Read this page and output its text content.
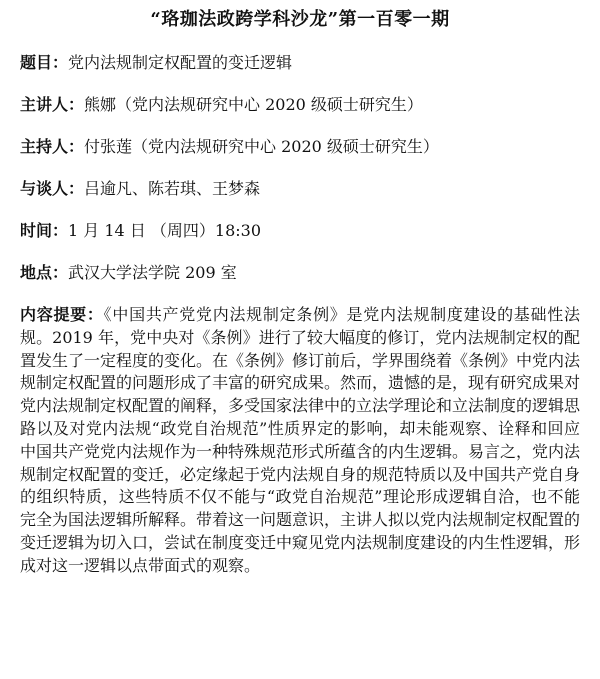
“珞珈法政跨学科沙龙”第一百零一期
题目：党内法规制定权配置的变迁逻辑
主讲人：熊娜（党内法规研究中心 2020 级硕士研究生）
主持人：付张莲（党内法规研究中心 2020 级硕士研究生）
与谈人：吕逾凡、陈若琪、王梦森
时间：1 月 14 日 （周四）18:30
地点：武汉大学法学院 209 室
内容提要：《中国共产党党内法规制定条例》是党内法规制度建设的基础性法规。2019 年，党中央对《条例》进行了较大幅度的修订，党内法规制定权的配置发生了一定程度的变化。在《条例》修订前后，学界围绕着《条例》中党内法规制定权配置的问题形成了丰富的研究成果。然而，遗憾的是，现有研究成果对党内法规制定权配置的阐释，多受国家法律中的立法学理论和立法制度的逻辑思路以及对党内法规“政党自治规范”性质界定的影响，却未能观察、诠释和回应中国共产党党内法规作为一种特殊规范形式所蕴含的内生逻辑。易言之，党内法规制定权配置的变迁，必定缘起于党内法规自身的规范特质以及中国共产党自身的组织特质，这些特质不仅不能与“政党自治规范”理论形成逻辑自洽，也不能完全为国法逻辑所解释。带着这一问题意识，主讲人拟以党内法规制定权配置的变迁逻辑为切入口，尝试在制度变迁中窥见党内法规制度建设的内生性逻辑，形成对这一逻辑以点带面式的观察。
